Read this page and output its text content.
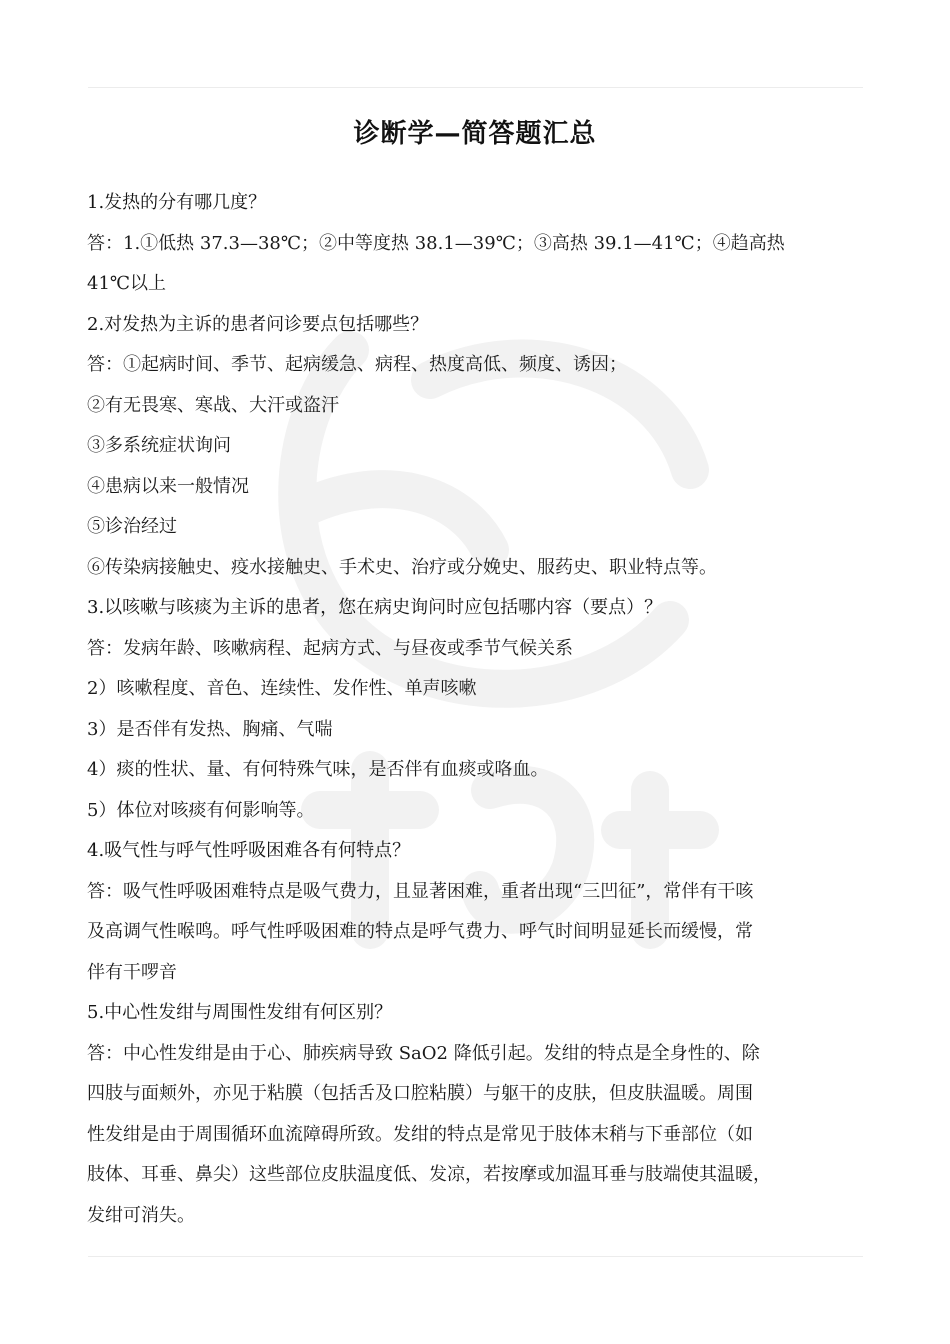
诊断学—简答题汇总
1.发热的分有哪几度？
答：1.①低热 37.3—38℃；②中等度热 38.1—39℃；③高热 39.1—41℃；④趋高热
41℃以上
2.对发热为主诉的患者问诊要点包括哪些？
答：①起病时间、季节、起病缓急、病程、热度高低、频度、诱因；
②有无畏寒、寒战、大汗或盗汗
③多系统症状询问
④患病以来一般情况
⑤诊治经过
⑥传染病接触史、疫水接触史、手术史、治疗或分娩史、服药史、职业特点等。
3.以咳嗽与咳痰为主诉的患者，您在病史询问时应包括哪内容（要点）？
答：发病年龄、咳嗽病程、起病方式、与昼夜或季节气候关系
2）咳嗽程度、音色、连续性、发作性、单声咳嗽
3）是否伴有发热、胸痛、气喘
4）痰的性状、量、有何特殊气味，是否伴有血痰或咯血。
5）体位对咳痰有何影响等。
4.吸气性与呼气性呼吸困难各有何特点？
答：吸气性呼吸困难特点是吸气费力，且显著困难，重者出现“三凹征”，常伴有干咳
及高调气性喉鸣。呼气性呼吸困难的特点是呼气费力、呼气时间明显延长而缓慢，常
伴有干啰音
5.中心性发绀与周围性发绀有何区别？
答：中心性发绀是由于心、肺疾病导致 SaO2 降低引起。发绀的特点是全身性的、除
四肢与面颊外，亦见于粘膜（包括舌及口腔粘膜）与躯干的皮肤，但皮肤温暖。周围
性发绀是由于周围循环血流障碍所致。发绀的特点是常见于肢体末稍与下垂部位（如
肢体、耳垂、鼻尖）这些部位皮肤温度低、发凉，若按摩或加温耳垂与肢端使其温暖，
发绀可消失。
